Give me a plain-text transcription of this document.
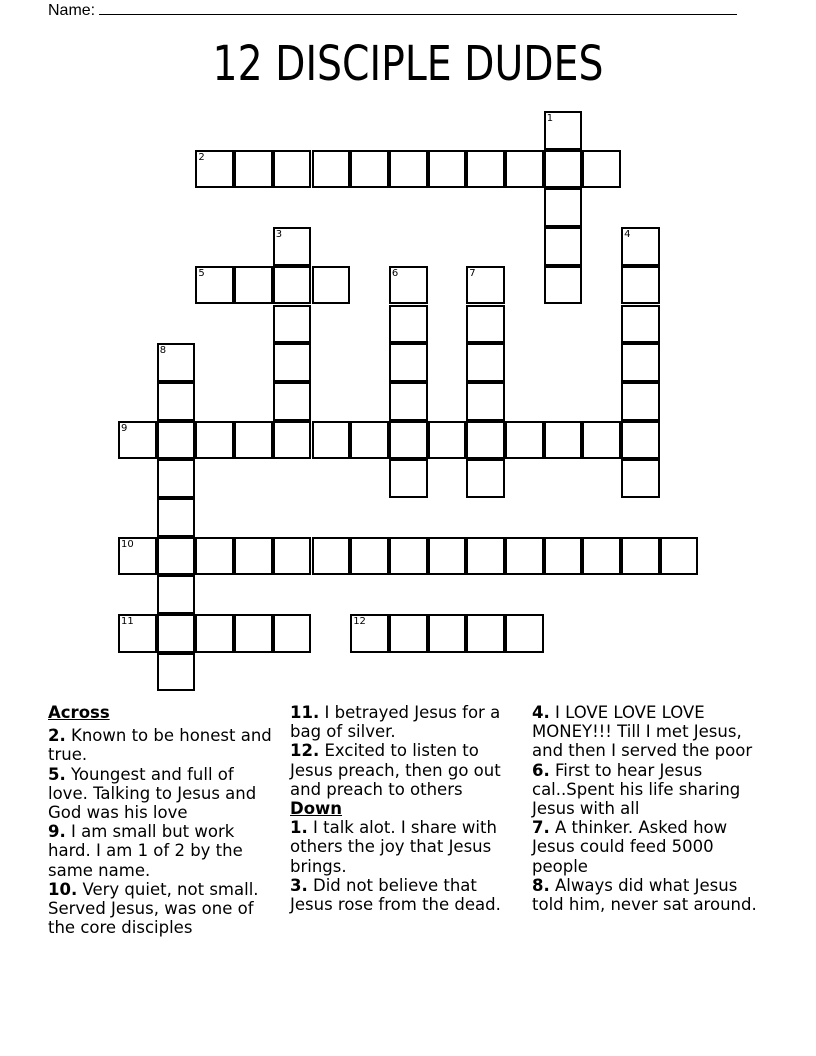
Name:
12 DISCIPLE DUDES
1
2
3	4
5	6	7
8
9
10
11	12

Across

2. Known to be honest and true.

5. Youngest and full of love. Talking to Jesus and God was his love

9. I am small but work hard. I am 1 of 2 by the same name.

10. Very quiet, not small. Served Jesus, was one of the core disciples

11. I betrayed Jesus for a bag of silver.

12. Excited to listen to Jesus preach, then go out and preach to others

Down

1. I talk alot. I share with others the joy that Jesus brings.

3. Did not believe that Jesus rose from the dead.

4. I LOVE LOVE LOVE MONEY!!! Till I met Jesus, and then I served the poor

6. First to hear Jesus cal..Spent his life sharing Jesus with all

7. A thinker. Asked how Jesus could feed 5000 people

8. Always did what Jesus told him, never sat around.
